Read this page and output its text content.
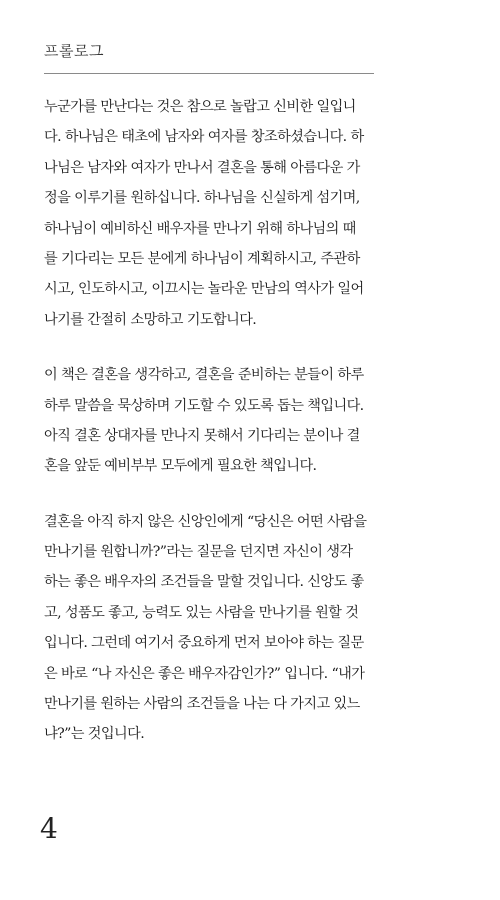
프롤로그

누군가를 만난다는 것은 참으로 놀랍고 신비한 일입니
다. 하나님은 태초에 남자와 여자를 창조하셨습니다. 하
나님은 남자와 여자가 만나서 결혼을 통해 아름다운 가
정을 이루기를 원하십니다. 하나님을 신실하게 섬기며,
하나님이 예비하신 배우자를 만나기 위해 하나님의 때
를 기다리는 모든 분에게 하나님이 계획하시고, 주관하
시고, 인도하시고, 이끄시는 놀라운 만남의 역사가 일어
나기를 간절히 소망하고 기도합니다.

이 책은 결혼을 생각하고, 결혼을 준비하는 분들이 하루
하루 말씀을 묵상하며 기도할 수 있도록 돕는 책입니다.
아직 결혼 상대자를 만나지 못해서 기다리는 분이나 결
혼을 앞둔 예비부부 모두에게 필요한 책입니다.

결혼을 아직 하지 않은 신앙인에게 “당신은 어떤 사람을
만나기를 원합니까?”라는 질문을 던지면 자신이 생각
하는 좋은 배우자의 조건들을 말할 것입니다. 신앙도 좋
고, 성품도 좋고, 능력도 있는 사람을 만나기를 원할 것
입니다. 그런데 여기서 중요하게 먼저 보아야 하는 질문
은 바로 “나 자신은 좋은 배우자감인가?” 입니다. “내가
만나기를 원하는 사람의 조건들을 나는 다 가지고 있느
냐?”는 것입니다.

4
